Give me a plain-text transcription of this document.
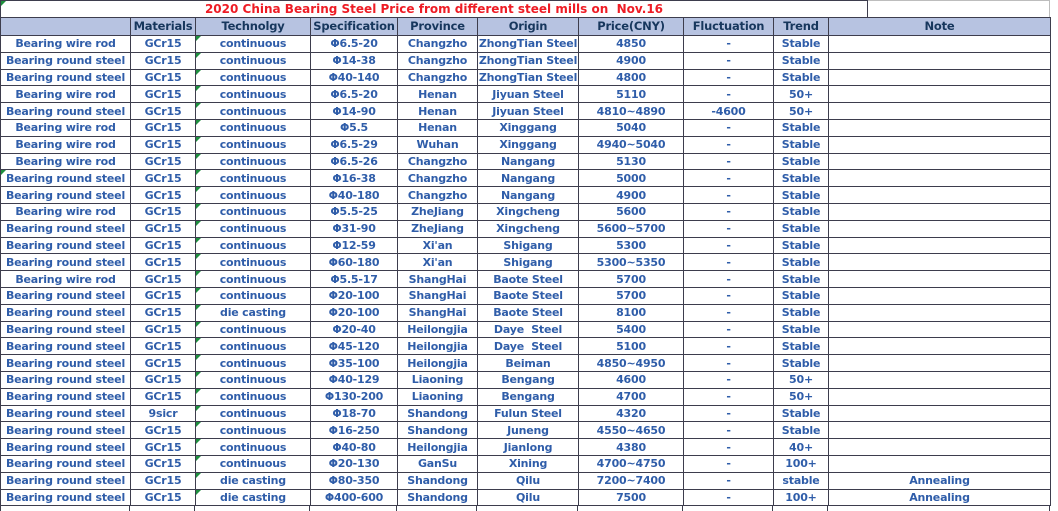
2020 China Bearing Steel Price from different steel mills on  Nov.16
	Materials	Technolgy	Specification	Province	Origin	Price(CNY)	Fluctuation	Trend	Note
Bearing wire rod	GCr15	continuous	Φ6.5-20	Changzho	ZhongTian Steel	4850	-	Stable	
Bearing round steel	GCr15	continuous	Φ14-38	Changzho	ZhongTian Steel	4900	-	Stable	
Bearing round steel	GCr15	continuous	Φ40-140	Changzho	ZhongTian Steel	4800	-	Stable	
Bearing wire rod	GCr15	continuous	Φ6.5-20	Henan	Jiyuan Steel	5110	-	50+	
Bearing round steel	GCr15	continuous	Φ14-90	Henan	Jiyuan Steel	4810~4890	-4600	50+	
Bearing wire rod	GCr15	continuous	Φ5.5	Henan	Xinggang	5040	-	Stable	
Bearing wire rod	GCr15	continuous	Φ6.5-29	Wuhan	Xinggang	4940~5040	-	Stable	
Bearing wire rod	GCr15	continuous	Φ6.5-26	Changzho	Nangang	5130	-	Stable	
Bearing round steel	GCr15	continuous	Φ16-38	Changzho	Nangang	5000	-	Stable	
Bearing round steel	GCr15	continuous	Φ40-180	Changzho	Nangang	4900	-	Stable	
Bearing wire rod	GCr15	continuous	Φ5.5-25	ZheJiang	Xingcheng	5600	-	Stable	
Bearing round steel	GCr15	continuous	Φ31-90	ZheJiang	Xingcheng	5600~5700	-	Stable	
Bearing round steel	GCr15	continuous	Φ12-59	Xi'an	Shigang	5300	-	Stable	
Bearing round steel	GCr15	continuous	Φ60-180	Xi'an	Shigang	5300~5350	-	Stable	
Bearing wire rod	GCr15	continuous	Φ5.5-17	ShangHai	Baote Steel	5700	-	Stable	
Bearing round steel	GCr15	continuous	Φ20-100	ShangHai	Baote Steel	5700	-	Stable	
Bearing round steel	GCr15	die casting	Φ20-100	ShangHai	Baote Steel	8100	-	Stable	
Bearing round steel	GCr15	continuous	Φ20-40	Heilongjia	Daye  Steel	5400	-	Stable	
Bearing round steel	GCr15	continuous	Φ45-120	Heilongjia	Daye  Steel	5100	-	Stable	
Bearing round steel	GCr15	continuous	Φ35-100	Heilongjia	Beiman	4850~4950	-	Stable	
Bearing round steel	GCr15	continuous	Φ40-129	Liaoning	Bengang	4600	-	50+	
Bearing round steel	GCr15	continuous	Φ130-200	Liaoning	Bengang	4700	-	50+	
Bearing round steel	9sicr	continuous	Φ18-70	Shandong	Fulun Steel	4320	-	Stable	
Bearing round steel	GCr15	continuous	Φ16-250	Shandong	Juneng	4550~4650	-	Stable	
Bearing round steel	GCr15	continuous	Φ40-80	Heilongjia	Jianlong	4380	-	40+	
Bearing round steel	GCr15	continuous	Φ20-130	GanSu	Xining	4700~4750	-	100+	
Bearing round steel	GCr15	die casting	Φ80-350	Shandong	Qilu	7200~7400	-	stable	Annealing
Bearing round steel	GCr15	die casting	Φ400-600	Shandong	Qilu	7500	-	100+	Annealing
